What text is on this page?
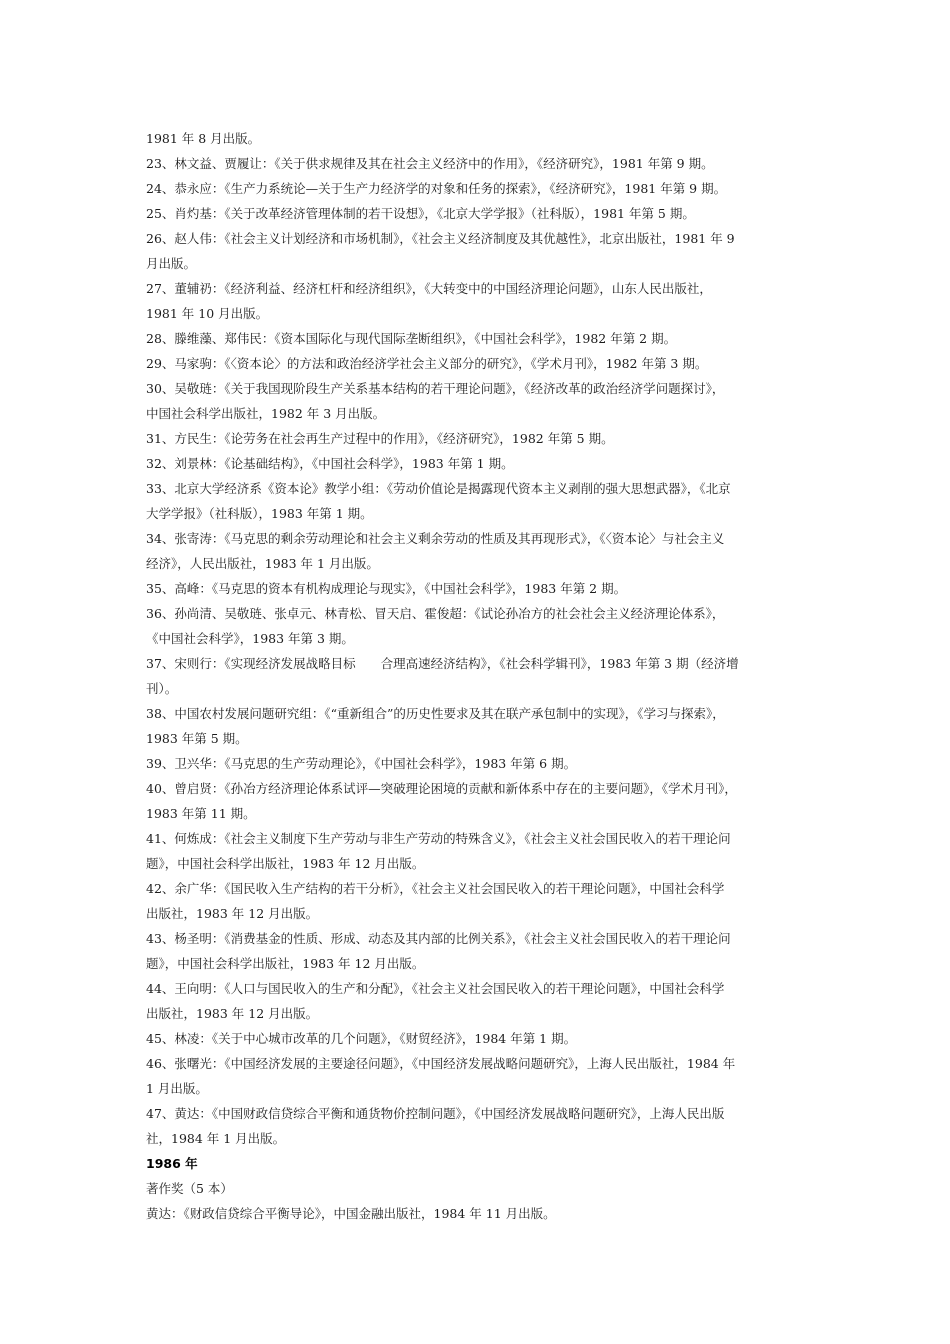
1981 年 8 月出版。
23、林文益、贾履让：《关于供求规律及其在社会主义经济中的作用》，《经济研究》，1981 年第 9 期。
24、恭永应：《生产力系统论—关于生产力经济学的对象和任务的探索》，《经济研究》，1981 年第 9 期。
25、肖灼基：《关于改革经济管理体制的若干设想》，《北京大学学报》（社科版），1981 年第 5 期。
26、赵人伟：《社会主义计划经济和市场机制》，《社会主义经济制度及其优越性》，北京出版社，1981 年 9
月出版。
27、董辅礽：《经济利益、经济杠杆和经济组织》，《大转变中的中国经济理论问题》，山东人民出版社，
1981 年 10 月出版。
28、滕维藻、郑伟民：《资本国际化与现代国际垄断组织》，《中国社会科学》，1982 年第 2 期。
29、马家驹：《〈资本论〉的方法和政治经济学社会主义部分的研究》，《学术月刊》，1982 年第 3 期。
30、吴敬琏：《关于我国现阶段生产关系基本结构的若干理论问题》，《经济改革的政治经济学问题探讨》，
中国社会科学出版社，1982 年 3 月出版。
31、方民生：《论劳务在社会再生产过程中的作用》，《经济研究》，1982 年第 5 期。
32、刘景林：《论基础结构》，《中国社会科学》，1983 年第 1 期。
33、北京大学经济系《资本论》教学小组：《劳动价值论是揭露现代资本主义剥削的强大思想武器》，《北京
大学学报》（社科版），1983 年第 1 期。
34、张寄涛：《马克思的剩余劳动理论和社会主义剩余劳动的性质及其再现形式》，《〈资本论〉与社会主义
经济》，人民出版社，1983 年 1 月出版。
35、高峰：《马克思的资本有机构成理论与现实》，《中国社会科学》，1983 年第 2 期。
36、孙尚清、吴敬琏、张卓元、林青松、冒天启、霍俊超：《试论孙冶方的社会社会主义经济理论体系》，
《中国社会科学》，1983 年第 3 期。
37、宋则行：《实现经济发展战略目标　　合理高速经济结构》，《社会科学辑刊》，1983 年第 3 期（经济增
刊）。
38、中国农村发展问题研究组：《“重新组合”的历史性要求及其在联产承包制中的实现》，《学习与探索》，
1983 年第 5 期。
39、卫兴华：《马克思的生产劳动理论》，《中国社会科学》，1983 年第 6 期。
40、曾启贤：《孙冶方经济理论体系试评—突破理论困境的贡献和新体系中存在的主要问题》，《学术月刊》，
1983 年第 11 期。
41、何炼成：《社会主义制度下生产劳动与非生产劳动的特殊含义》，《社会主义社会国民收入的若干理论问
题》，中国社会科学出版社，1983 年 12 月出版。
42、余广华：《国民收入生产结构的若干分析》，《社会主义社会国民收入的若干理论问题》，中国社会科学
出版社，1983 年 12 月出版。
43、杨圣明：《消费基金的性质、形成、动态及其内部的比例关系》，《社会主义社会国民收入的若干理论问
题》，中国社会科学出版社，1983 年 12 月出版。
44、王向明：《人口与国民收入的生产和分配》，《社会主义社会国民收入的若干理论问题》，中国社会科学
出版社，1983 年 12 月出版。
45、林凌：《关于中心城市改革的几个问题》，《财贸经济》，1984 年第 1 期。
46、张曙光：《中国经济发展的主要途径问题》，《中国经济发展战略问题研究》，上海人民出版社，1984 年
1 月出版。
47、黄达：《中国财政信贷综合平衡和通货物价控制问题》，《中国经济发展战略问题研究》，上海人民出版
社，1984 年 1 月出版。
1986 年
著作奖（5 本）
黄达：《财政信贷综合平衡导论》，中国金融出版社，1984 年 11 月出版。
